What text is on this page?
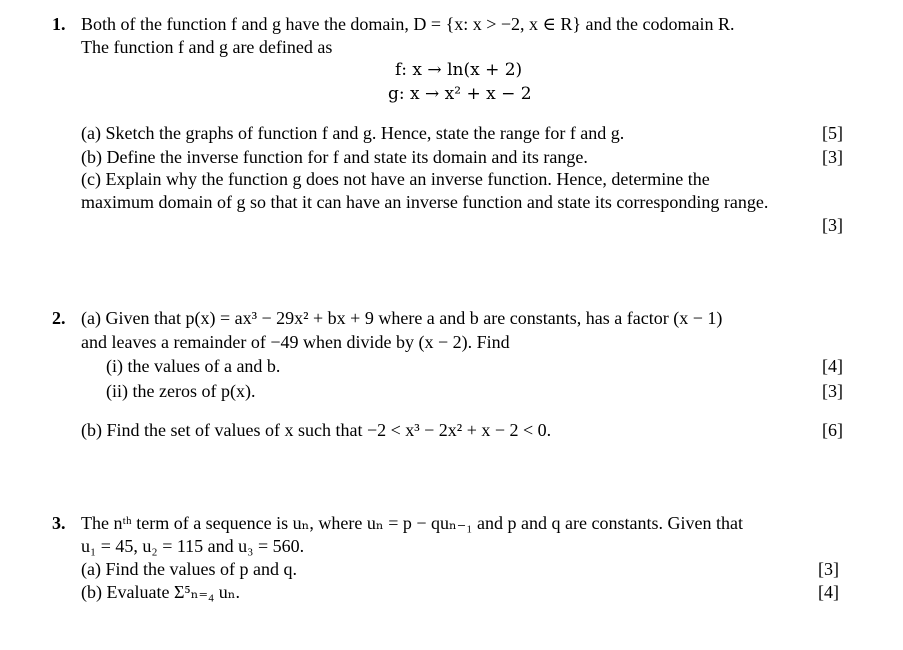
1. Both of the function f and g have the domain, D = {x: x > −2, x ∈ R} and the codomain R.
The function f and g are defined as
f: x → ln(x + 2)
g: x → x² + x − 2
(a) Sketch the graphs of function f and g. Hence, state the range for f and g.	[5]
(b) Define the inverse function for f and state its domain and its range.	[3]
(c) Explain why the function g does not have an inverse function. Hence, determine the
maximum domain of g so that it can have an inverse function and state its corresponding range.
[3]
2. (a) Given that p(x) = ax³ − 29x² + bx + 9 where a and b are constants, has a factor (x − 1)
and leaves a remainder of −49 when divide by (x − 2). Find
(i) the values of a and b.	[4]
(ii) the zeros of p(x).	[3]
(b) Find the set of values of x such that −2 < x³ − 2x² + x − 2 < 0.	[6]
3. The nᵗʰ term of a sequence is uₙ, where uₙ = p − quₙ₋₁ and p and q are constants. Given that
u₁ = 45, u₂ = 115 and u₃ = 560.
(a) Find the values of p and q.	[3]
(b) Evaluate Σ⁵ₙ₌₄ uₙ.	[4]
